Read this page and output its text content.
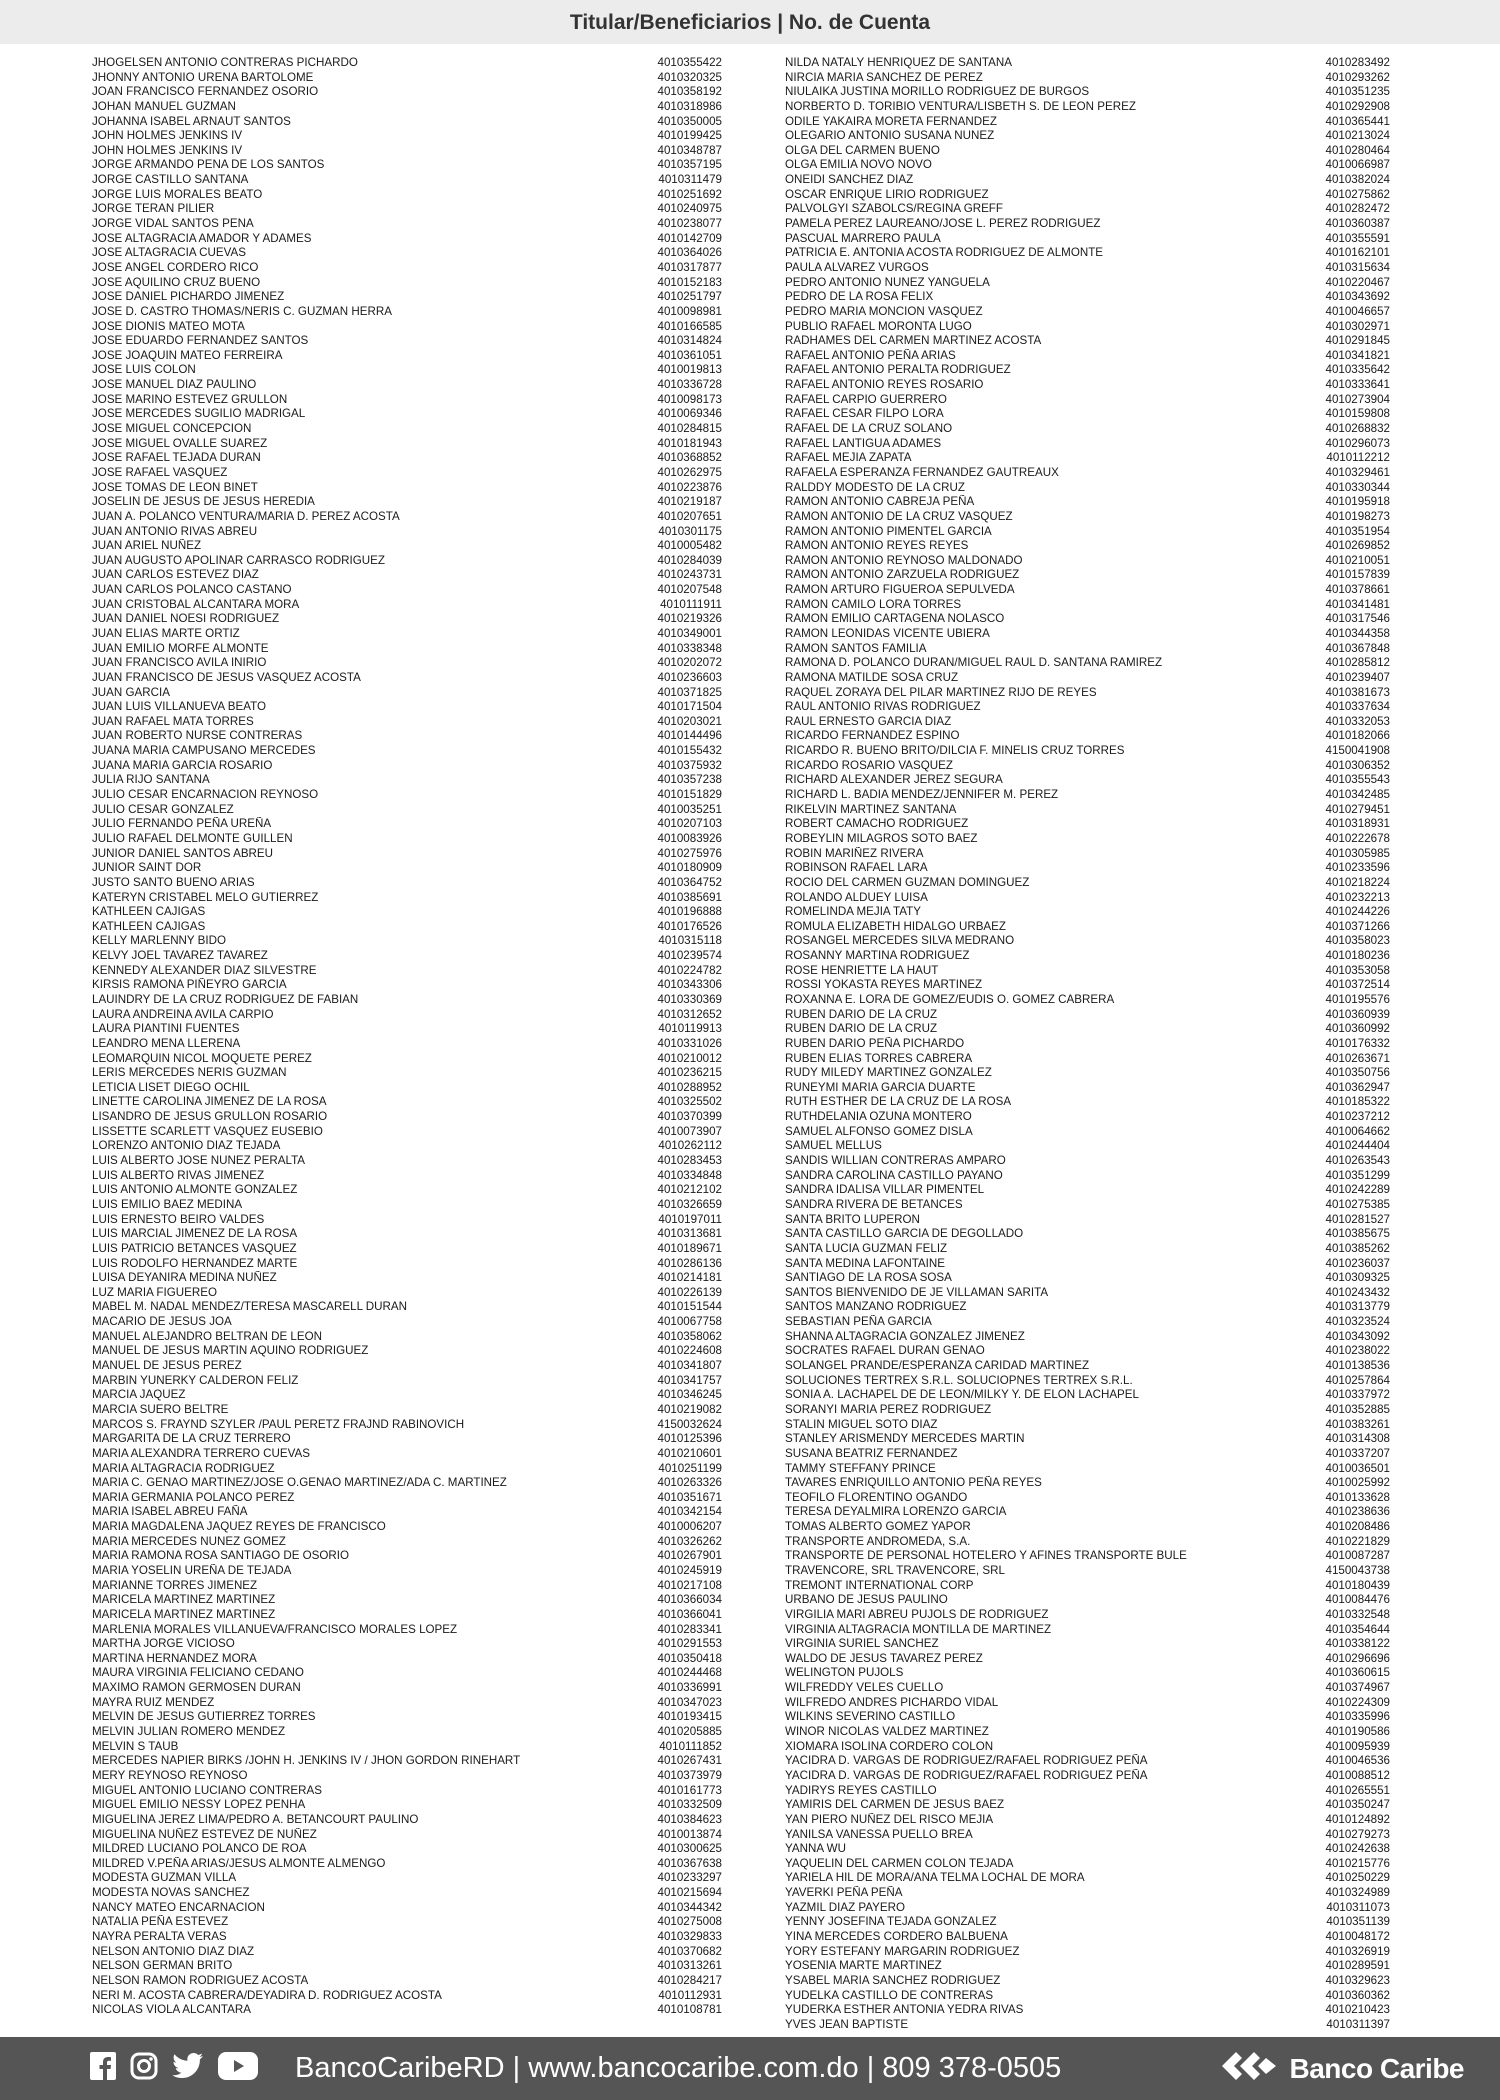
Titular/Beneficiarios | No. de Cuenta
JHOGELSEN ANTONIO CONTRERAS PICHARDO	4010355422
JHONNY ANTONIO URENA BARTOLOME	4010320325
JOAN FRANCISCO FERNANDEZ OSORIO	4010358192
JOHAN MANUEL GUZMAN	4010318986
JOHANNA ISABEL ARNAUT SANTOS	4010350005
JOHN HOLMES JENKINS IV	4010199425
JOHN HOLMES JENKINS IV	4010348787
JORGE ARMANDO PENA DE LOS SANTOS	4010357195
JORGE CASTILLO SANTANA	4010311479
JORGE LUIS MORALES BEATO	4010251692
JORGE TERAN PILIER	4010240975
JORGE VIDAL SANTOS PENA	4010238077
JOSE ALTAGRACIA AMADOR Y ADAMES	4010142709
JOSE ALTAGRACIA CUEVAS	4010364026
JOSE ANGEL CORDERO RICO	4010317877
JOSE AQUILINO CRUZ BUENO	4010152183
JOSE DANIEL PICHARDO JIMENEZ	4010251797
JOSE D. CASTRO THOMAS/NERIS C. GUZMAN HERRA	4010098981
JOSE DIONIS MATEO MOTA	4010166585
JOSE EDUARDO FERNANDEZ SANTOS	4010314824
JOSE JOAQUIN MATEO FERREIRA	4010361051
JOSE LUIS COLON	4010019813
JOSE MANUEL DIAZ PAULINO	4010336728
JOSE MARINO ESTEVEZ GRULLON	4010098173
JOSE MERCEDES SUGILIO MADRIGAL	4010069346
JOSE MIGUEL CONCEPCION	4010284815
JOSE MIGUEL OVALLE SUAREZ	4010181943
JOSE RAFAEL TEJADA DURAN	4010368852
JOSE RAFAEL VASQUEZ	4010262975
JOSE TOMAS DE LEON BINET	4010223876
JOSELIN DE JESUS DE JESUS HEREDIA	4010219187
JUAN A. POLANCO VENTURA/MARIA D. PEREZ ACOSTA	4010207651
JUAN ANTONIO RIVAS ABREU	4010301175
JUAN ARIEL NUÑEZ	4010005482
JUAN AUGUSTO APOLINAR CARRASCO RODRIGUEZ	4010284039
JUAN CARLOS ESTEVEZ DIAZ	4010243731
JUAN CARLOS POLANCO CASTANO	4010207548
JUAN CRISTOBAL ALCANTARA MORA	4010111911
JUAN DANIEL NOESI RODRIGUEZ	4010219326
JUAN ELIAS MARTE ORTIZ	4010349001
JUAN EMILIO MORFE ALMONTE	4010338348
JUAN FRANCISCO AVILA INIRIO	4010202072
JUAN FRANCISCO DE JESUS VASQUEZ ACOSTA	4010236603
JUAN GARCIA	4010371825
JUAN LUIS VILLANUEVA BEATO	4010171504
JUAN RAFAEL MATA TORRES	4010203021
JUAN ROBERTO NURSE CONTRERAS	4010144496
JUANA MARIA CAMPUSANO MERCEDES	4010155432
JUANA MARIA GARCIA ROSARIO	4010375932
JULIA RIJO SANTANA	4010357238
JULIO CESAR ENCARNACION REYNOSO	4010151829
JULIO CESAR GONZALEZ	4010035251
JULIO FERNANDO PEÑA UREÑA	4010207103
JULIO RAFAEL DELMONTE GUILLEN	4010083926
JUNIOR DANIEL SANTOS ABREU	4010275976
JUNIOR SAINT DOR	4010180909
JUSTO SANTO BUENO ARIAS	4010364752
KATERYN CRISTABEL MELO GUTIERREZ	4010385691
KATHLEEN CAJIGAS	4010196888
KATHLEEN CAJIGAS	4010176526
KELLY MARLENNY BIDO	4010315118
KELVY JOEL TAVAREZ TAVAREZ	4010239574
KENNEDY ALEXANDER DIAZ SILVESTRE	4010224782
KIRSIS RAMONA PIÑEYRO GARCIA	4010343306
LAUINDRY DE LA CRUZ RODRIGUEZ DE FABIAN	4010330369
LAURA ANDREINA AVILA CARPIO	4010312652
LAURA PIANTINI FUENTES	4010119913
LEANDRO MENA LLERENA	4010331026
LEOMARQUIN NICOL MOQUETE PEREZ	4010210012
LERIS MERCEDES NERIS GUZMAN	4010236215
LETICIA LISET DIEGO OCHIL	4010288952
LINETTE CAROLINA JIMENEZ DE LA ROSA	4010325502
LISANDRO DE JESUS GRULLON ROSARIO	4010370399
LISSETTE SCARLETT VASQUEZ EUSEBIO	4010073907
LORENZO ANTONIO DIAZ TEJADA	4010262112
LUIS ALBERTO JOSE NUNEZ PERALTA	4010283453
LUIS ALBERTO RIVAS JIMENEZ	4010334848
LUIS ANTONIO ALMONTE GONZALEZ	4010212102
LUIS EMILIO BAEZ MEDINA	4010326659
LUIS ERNESTO BEIRO VALDES	4010197011
LUIS MARCIAL JIMENEZ DE LA ROSA	4010313681
LUIS PATRICIO BETANCES VASQUEZ	4010189671
LUIS RODOLFO HERNANDEZ MARTE	4010286136
LUISA DEYANIRA MEDINA NUÑEZ	4010214181
LUZ MARIA FIGUEREO	4010226139
MABEL M. NADAL MENDEZ/TERESA MASCARELL DURAN	4010151544
MACARIO DE JESUS JOA	4010067758
MANUEL ALEJANDRO BELTRAN DE LEON	4010358062
MANUEL DE JESUS MARTIN AQUINO RODRIGUEZ	4010224608
MANUEL DE JESUS PEREZ	4010341807
MARBIN YUNERKY CALDERON FELIZ	4010341757
MARCIA JAQUEZ	4010346245
MARCIA SUERO BELTRE	4010219082
MARCOS S. FRAYND SZYLER /PAUL PERETZ FRAJND RABINOVICH	4150032624
MARGARITA DE LA CRUZ TERRERO	4010125396
MARIA ALEXANDRA TERRERO CUEVAS	4010210601
MARIA ALTAGRACIA RODRIGUEZ	4010251199
MARIA C. GENAO MARTINEZ/JOSE O.GENAO MARTINEZ/ADA C. MARTINEZ	4010263326
MARIA GERMANIA POLANCO PEREZ	4010351671
MARIA ISABEL ABREU FAÑA	4010342154
MARIA MAGDALENA JAQUEZ REYES DE FRANCISCO	4010006207
MARIA MERCEDES NUNEZ GOMEZ	4010326262
MARIA RAMONA ROSA SANTIAGO DE OSORIO	4010267901
MARIA YOSELIN UREÑA DE TEJADA	4010245919
MARIANNE TORRES JIMENEZ	4010217108
MARICELA MARTINEZ MARTINEZ	4010366034
MARICELA MARTINEZ MARTINEZ	4010366041
MARLENIA MORALES VILLANUEVA/FRANCISCO MORALES LOPEZ	4010283341
MARTHA JORGE VICIOSO	4010291553
MARTINA HERNANDEZ MORA	4010350418
MAURA VIRGINIA FELICIANO CEDANO	4010244468
MAXIMO RAMON GERMOSEN DURAN	4010336991
MAYRA RUIZ MENDEZ	4010347023
MELVIN DE JESUS GUTIERREZ TORRES	4010193415
MELVIN JULIAN ROMERO MENDEZ	4010205885
MELVIN S TAUB	4010111852
MERCEDES NAPIER BIRKS /JOHN H. JENKINS IV / JHON GORDON RINEHART	4010267431
MERY REYNOSO REYNOSO	4010373979
MIGUEL ANTONIO LUCIANO CONTRERAS	4010161773
MIGUEL EMILIO NESSY LOPEZ PENHA	4010332509
MIGUELINA JEREZ LIMA/PEDRO A. BETANCOURT PAULINO	4010384623
MIGUELINA NUÑEZ ESTEVEZ DE NUÑEZ	4010013874
MILDRED LUCIANO POLANCO DE ROA	4010300625
MILDRED V.PEÑA ARIAS/JESUS ALMONTE ALMENGO	4010367638
MODESTA GUZMAN VILLA	4010233297
MODESTA NOVAS SANCHEZ	4010215694
NANCY MATEO ENCARNACION	4010344342
NATALIA PEÑA ESTEVEZ	4010275008
NAYRA PERALTA VERAS	4010329833
NELSON ANTONIO DIAZ DIAZ	4010370682
NELSON GERMAN BRITO	4010313261
NELSON RAMON RODRIGUEZ ACOSTA	4010284217
NERI M. ACOSTA CABRERA/DEYADIRA D. RODRIGUEZ ACOSTA	4010112931
NICOLAS VIOLA ALCANTARA	4010108781
NILDA NATALY HENRIQUEZ DE SANTANA	4010283492
NIRCIA MARIA SANCHEZ DE PEREZ	4010293262
NIULAIKA JUSTINA MORILLO RODRIGUEZ DE BURGOS	4010351235
NORBERTO D. TORIBIO VENTURA/LISBETH S. DE LEON PEREZ	4010292908
ODILE YAKAIRA MORETA FERNANDEZ	4010365441
OLEGARIO ANTONIO SUSANA NUNEZ	4010213024
OLGA DEL CARMEN BUENO	4010280464
OLGA EMILIA NOVO NOVO	4010066987
ONEIDI SANCHEZ DIAZ	4010382024
OSCAR ENRIQUE LIRIO RODRIGUEZ	4010275862
PALVOLGYI SZABOLCS/REGINA GREFF	4010282472
PAMELA PEREZ LAUREANO/JOSE L. PEREZ RODRIGUEZ	4010360387
PASCUAL MARRERO PAULA	4010355591
PATRICIA E. ANTONIA ACOSTA RODRIGUEZ DE ALMONTE	4010162101
PAULA ALVAREZ VURGOS	4010315634
PEDRO ANTONIO NUNEZ YANGUELA	4010220467
PEDRO DE LA ROSA FELIX	4010343692
PEDRO MARIA MONCION VASQUEZ	4010046657
PUBLIO RAFAEL MORONTA LUGO	4010302971
RADHAMES DEL CARMEN MARTINEZ ACOSTA	4010291845
RAFAEL ANTONIO PEÑA ARIAS	4010341821
RAFAEL ANTONIO PERALTA RODRIGUEZ	4010335642
RAFAEL ANTONIO REYES ROSARIO	4010333641
RAFAEL CARPIO GUERRERO	4010273904
RAFAEL CESAR FILPO LORA	4010159808
RAFAEL DE LA CRUZ SOLANO	4010268832
RAFAEL LANTIGUA ADAMES	4010296073
RAFAEL MEJIA ZAPATA	4010112212
RAFAELA ESPERANZA FERNANDEZ GAUTREAUX	4010329461
RALDDY MODESTO DE LA CRUZ	4010330344
RAMON ANTONIO CABREJA PEÑA	4010195918
RAMON ANTONIO DE LA CRUZ VASQUEZ	4010198273
RAMON ANTONIO PIMENTEL GARCIA	4010351954
RAMON ANTONIO REYES REYES	4010269852
RAMON ANTONIO REYNOSO MALDONADO	4010210051
RAMON ANTONIO ZARZUELA RODRIGUEZ	4010157839
RAMON ARTURO FIGUEROA SEPULVEDA	4010378661
RAMON CAMILO LORA TORRES	4010341481
RAMON EMILIO CARTAGENA NOLASCO	4010317546
RAMON LEONIDAS VICENTE UBIERA	4010344358
RAMON SANTOS FAMILIA	4010367848
RAMONA D. POLANCO DURAN/MIGUEL RAUL D. SANTANA RAMIREZ	4010285812
RAMONA MATILDE SOSA CRUZ	4010239407
RAQUEL ZORAYA DEL PILAR MARTINEZ RIJO DE REYES	4010381673
RAUL ANTONIO RIVAS RODRIGUEZ	4010337634
RAUL ERNESTO GARCIA DIAZ	4010332053
RICARDO FERNANDEZ ESPINO	4010182066
RICARDO R. BUENO BRITO/DILCIA F. MINELIS CRUZ TORRES	4150041908
RICARDO ROSARIO VASQUEZ	4010306352
RICHARD ALEXANDER JEREZ SEGURA	4010355543
RICHARD L. BADIA MENDEZ/JENNIFER M. PEREZ	4010342485
RIKELVIN MARTINEZ SANTANA	4010279451
ROBERT CAMACHO RODRIGUEZ	4010318931
ROBEYLIN MILAGROS SOTO BAEZ	4010222678
ROBIN MARIÑEZ RIVERA	4010305985
ROBINSON RAFAEL LARA	4010233596
ROCIO DEL CARMEN GUZMAN DOMINGUEZ	4010218224
ROLANDO ALDUEY LUISA	4010232213
ROMELINDA MEJIA TATY	4010244226
ROMULA ELIZABETH HIDALGO URBAEZ	4010371266
ROSANGEL MERCEDES SILVA MEDRANO	4010358023
ROSANNY MARTINA RODRIGUEZ	4010180236
ROSE HENRIETTE LA HAUT	4010353058
ROSSI YOKASTA REYES MARTINEZ	4010372514
ROXANNA E. LORA DE GOMEZ/EUDIS O. GOMEZ CABRERA	4010195576
RUBEN DARIO DE LA CRUZ	4010360939
RUBEN DARIO DE LA CRUZ	4010360992
RUBEN DARIO PEÑA PICHARDO	4010176332
RUBEN ELIAS TORRES CABRERA	4010263671
RUDY MILEDY MARTINEZ GONZALEZ	4010350756
RUNEYMI MARIA GARCIA DUARTE	4010362947
RUTH ESTHER DE LA CRUZ DE LA ROSA	4010185322
RUTHDELANIA OZUNA MONTERO	4010237212
SAMUEL ALFONSO GOMEZ DISLA	4010064662
SAMUEL MELLUS	4010244404
SANDIS WILLIAN CONTRERAS AMPARO	4010263543
SANDRA CAROLINA CASTILLO PAYANO	4010351299
SANDRA IDALISA VILLAR PIMENTEL	4010242289
SANDRA RIVERA DE BETANCES	4010275385
SANTA BRITO LUPERON	4010281527
SANTA CASTILLO GARCIA DE DEGOLLADO	4010385675
SANTA LUCIA GUZMAN FELIZ	4010385262
SANTA MEDINA LAFONTAINE	4010236037
SANTIAGO DE LA ROSA SOSA	4010309325
SANTOS BIENVENIDO DE JE VILLAMAN SARITA	4010243432
SANTOS MANZANO RODRIGUEZ	4010313779
SEBASTIAN PEÑA GARCIA	4010323524
SHANNA ALTAGRACIA GONZALEZ JIMENEZ	4010343092
SOCRATES RAFAEL DURAN GENAO	4010238022
SOLANGEL PRANDE/ESPERANZA CARIDAD MARTINEZ	4010138536
SOLUCIONES TERTREX S.R.L. SOLUCIOPNES TERTREX S.R.L.	4010257864
SONIA A. LACHAPEL DE DE LEON/MILKY Y. DE ELON LACHAPEL	4010337972
SORANYI MARIA PEREZ RODRIGUEZ	4010352885
STALIN MIGUEL SOTO DIAZ	4010383261
STANLEY ARISMENDY MERCEDES MARTIN	4010314308
SUSANA BEATRIZ FERNANDEZ	4010337207
TAMMY STEFFANY PRINCE	4010036501
TAVARES ENRIQUILLO ANTONIO PEÑA REYES	4010025992
TEOFILO FLORENTINO OGANDO	4010133628
TERESA DEYALMIRA LORENZO GARCIA	4010238636
TOMAS ALBERTO GOMEZ YAPOR	4010208486
TRANSPORTE ANDROMEDA, S.A.	4010221829
TRANSPORTE DE PERSONAL HOTELERO Y AFINES TRANSPORTE BULE	4010087287
TRAVENCORE, SRL TRAVENCORE, SRL	4150043738
TREMONT INTERNATIONAL CORP	4010180439
URBANO DE JESUS PAULINO	4010084476
VIRGILIA MARI ABREU PUJOLS DE RODRIGUEZ	4010332548
VIRGINIA ALTAGRACIA MONTILLA DE MARTINEZ	4010354644
VIRGINIA SURIEL SANCHEZ	4010338122
WALDO DE JESUS TAVAREZ PEREZ	4010296696
WELINGTON PUJOLS	4010360615
WILFREDDY VELES CUELLO	4010374967
WILFREDO ANDRES PICHARDO VIDAL	4010224309
WILKINS SEVERINO CASTILLO	4010335996
WINOR NICOLAS VALDEZ MARTINEZ	4010190586
XIOMARA ISOLINA CORDERO COLON	4010095939
YACIDRA D. VARGAS DE RODRIGUEZ/RAFAEL RODRIGUEZ PEÑA	4010046536
YACIDRA D. VARGAS DE RODRIGUEZ/RAFAEL RODRIGUEZ PEÑA	4010088512
YADIRYS REYES CASTILLO	4010265551
YAMIRIS DEL CARMEN DE JESUS BAEZ	4010350247
YAN PIERO NUÑEZ DEL RISCO MEJIA	4010124892
YANILSA VANESSA PUELLO BREA	4010279273
YANNA WU	4010242638
YAQUELIN DEL CARMEN COLON TEJADA	4010215776
YARIELA HIL DE MORA/ANA TELMA LOCHAL DE MORA	4010250229
YAVERKI PEÑA PEÑA	4010324989
YAZMIL DIAZ PAYERO	4010311073
YENNY JOSEFINA TEJADA GONZALEZ	4010351139
YINA MERCEDES CORDERO BALBUENA	4010048172
YORY ESTEFANY MARGARIN RODRIGUEZ	4010326919
YOSENIA MARTE MARTINEZ	4010289591
YSABEL MARIA SANCHEZ RODRIGUEZ	4010329623
YUDELKA CASTILLO DE CONTRERAS	4010360362
YUDERKA ESTHER ANTONIA YEDRA RIVAS	4010210423
YVES JEAN BAPTISTE	4010311397
BancoCaribeRD | www.bancocaribe.com.do | 809 378-0505	Banco Caribe
